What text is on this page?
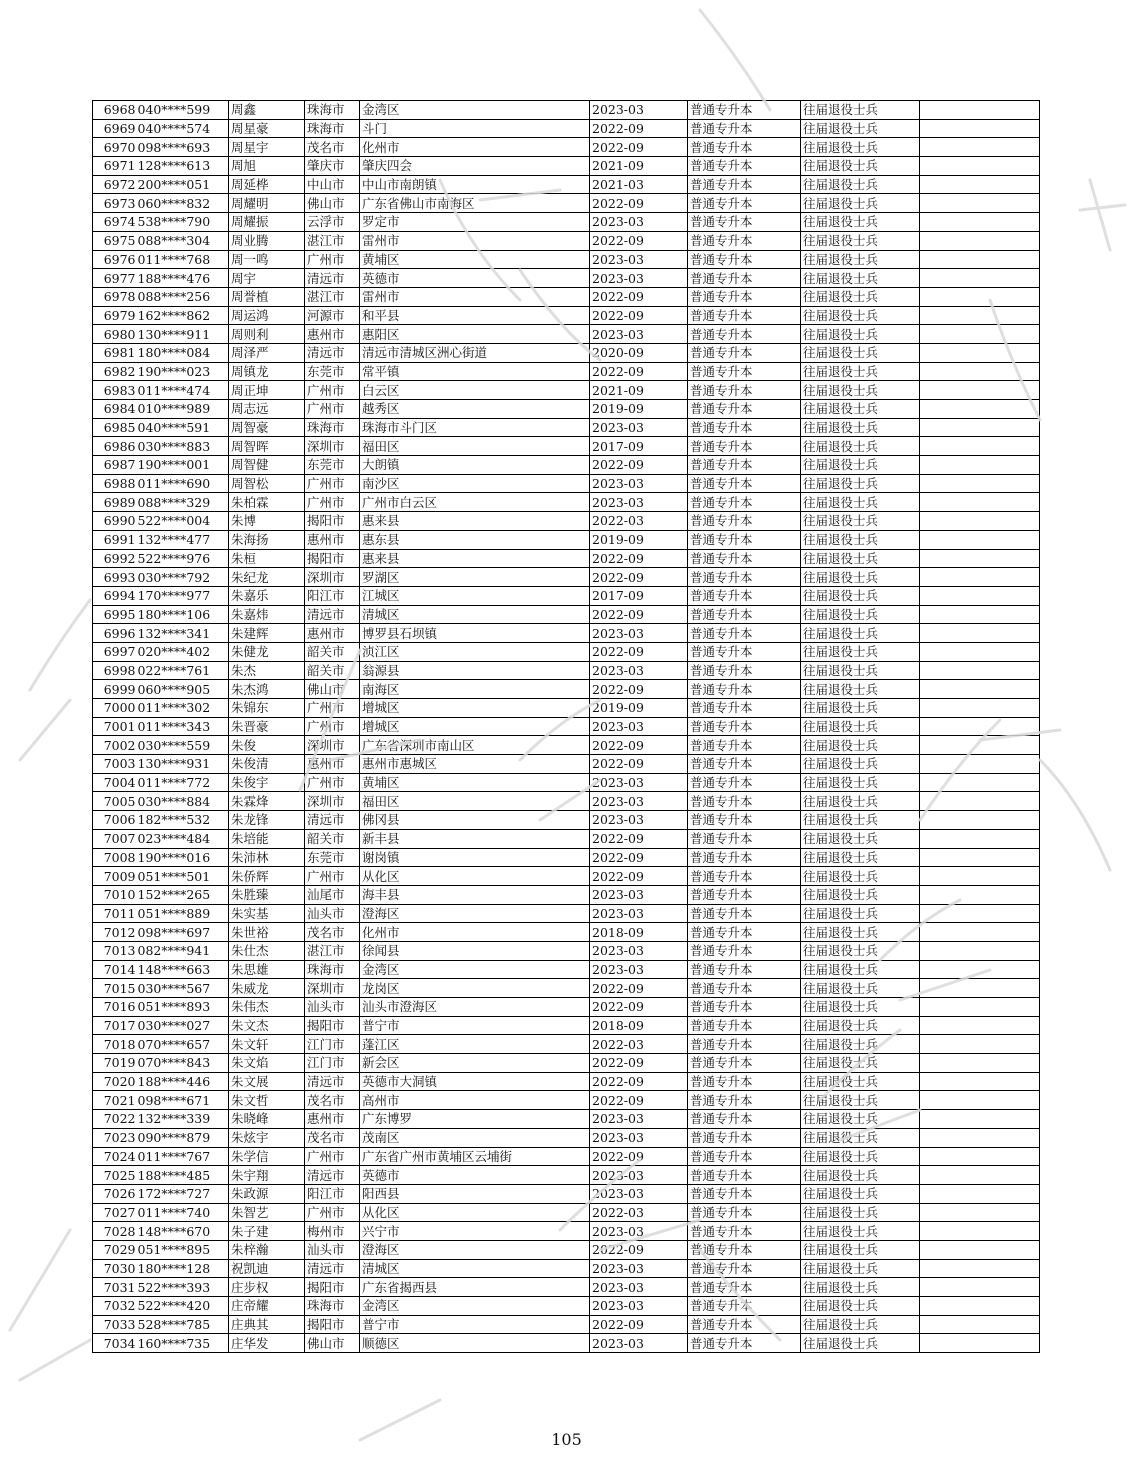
6968	040****599	周鑫	珠海市	金湾区	2023-03	普通专升本	往届退役士兵	
6969	040****574	周星豪	珠海市	斗门	2022-09	普通专升本	往届退役士兵	
6970	098****693	周星宇	茂名市	化州市	2022-09	普通专升本	往届退役士兵	
6971	128****613	周旭	肇庆市	肇庆四会	2021-09	普通专升本	往届退役士兵	
6972	200****051	周延桦	中山市	中山市南朗镇	2021-03	普通专升本	往届退役士兵	
6973	060****832	周耀明	佛山市	广东省佛山市南海区	2022-09	普通专升本	往届退役士兵	
6974	538****790	周耀振	云浮市	罗定市	2023-03	普通专升本	往届退役士兵	
6975	088****304	周业腾	湛江市	雷州市	2022-09	普通专升本	往届退役士兵	
6976	011****768	周一鸣	广州市	黄埔区	2023-03	普通专升本	往届退役士兵	
6977	188****476	周宇	清远市	英德市	2023-03	普通专升本	往届退役士兵	
6978	088****256	周誉植	湛江市	雷州市	2022-09	普通专升本	往届退役士兵	
6979	162****862	周运鸿	河源市	和平县	2022-09	普通专升本	往届退役士兵	
6980	130****911	周则利	惠州市	惠阳区	2023-03	普通专升本	往届退役士兵	
6981	180****084	周泽严	清远市	清远市清城区洲心街道	2020-09	普通专升本	往届退役士兵	
6982	190****023	周镇龙	东莞市	常平镇	2022-09	普通专升本	往届退役士兵	
6983	011****474	周正坤	广州市	白云区	2021-09	普通专升本	往届退役士兵	
6984	010****989	周志远	广州市	越秀区	2019-09	普通专升本	往届退役士兵	
6985	040****591	周智豪	珠海市	珠海市斗门区	2023-03	普通专升本	往届退役士兵	
6986	030****883	周智晖	深圳市	福田区	2017-09	普通专升本	往届退役士兵	
6987	190****001	周智健	东莞市	大朗镇	2022-09	普通专升本	往届退役士兵	
6988	011****690	周智松	广州市	南沙区	2023-03	普通专升本	往届退役士兵	
6989	088****329	朱柏霖	广州市	广州市白云区	2023-03	普通专升本	往届退役士兵	
6990	522****004	朱博	揭阳市	惠来县	2022-03	普通专升本	往届退役士兵	
6991	132****477	朱海扬	惠州市	惠东县	2019-09	普通专升本	往届退役士兵	
6992	522****976	朱桓	揭阳市	惠来县	2022-09	普通专升本	往届退役士兵	
6993	030****792	朱纪龙	深圳市	罗湖区	2022-09	普通专升本	往届退役士兵	
6994	170****977	朱嘉乐	阳江市	江城区	2017-09	普通专升本	往届退役士兵	
6995	180****106	朱嘉炜	清远市	清城区	2022-09	普通专升本	往届退役士兵	
6996	132****341	朱建辉	惠州市	博罗县石坝镇	2023-03	普通专升本	往届退役士兵	
6997	020****402	朱健龙	韶关市	浈江区	2022-09	普通专升本	往届退役士兵	
6998	022****761	朱杰	韶关市	翁源县	2023-03	普通专升本	往届退役士兵	
6999	060****905	朱杰鸿	佛山市	南海区	2022-09	普通专升本	往届退役士兵	
7000	011****302	朱锦东	广州市	增城区	2019-09	普通专升本	往届退役士兵	
7001	011****343	朱晋豪	广州市	增城区	2023-03	普通专升本	往届退役士兵	
7002	030****559	朱俊	深圳市	广东省深圳市南山区	2022-09	普通专升本	往届退役士兵	
7003	130****931	朱俊清	惠州市	惠州市惠城区	2022-09	普通专升本	往届退役士兵	
7004	011****772	朱俊宇	广州市	黄埔区	2023-03	普通专升本	往届退役士兵	
7005	030****884	朱霖烽	深圳市	福田区	2023-03	普通专升本	往届退役士兵	
7006	182****532	朱龙锋	清远市	佛冈县	2023-03	普通专升本	往届退役士兵	
7007	023****484	朱培能	韶关市	新丰县	2022-09	普通专升本	往届退役士兵	
7008	190****016	朱沛林	东莞市	谢岗镇	2022-09	普通专升本	往届退役士兵	
7009	051****501	朱侨辉	广州市	从化区	2022-09	普通专升本	往届退役士兵	
7010	152****265	朱胜臻	汕尾市	海丰县	2023-03	普通专升本	往届退役士兵	
7011	051****889	朱实基	汕头市	澄海区	2023-03	普通专升本	往届退役士兵	
7012	098****697	朱世裕	茂名市	化州市	2018-09	普通专升本	往届退役士兵	
7013	082****941	朱仕杰	湛江市	徐闻县	2023-03	普通专升本	往届退役士兵	
7014	148****663	朱思雄	珠海市	金湾区	2023-03	普通专升本	往届退役士兵	
7015	030****567	朱威龙	深圳市	龙岗区	2022-09	普通专升本	往届退役士兵	
7016	051****893	朱伟杰	汕头市	汕头市澄海区	2022-09	普通专升本	往届退役士兵	
7017	030****027	朱文杰	揭阳市	普宁市	2018-09	普通专升本	往届退役士兵	
7018	070****657	朱文轩	江门市	蓬江区	2022-03	普通专升本	往届退役士兵	
7019	070****843	朱文焰	江门市	新会区	2022-09	普通专升本	往届退役士兵	
7020	188****446	朱文展	清远市	英德市大洞镇	2022-09	普通专升本	往届退役士兵	
7021	098****671	朱文哲	茂名市	高州市	2022-09	普通专升本	往届退役士兵	
7022	132****339	朱晓峰	惠州市	广东博罗	2023-03	普通专升本	往届退役士兵	
7023	090****879	朱炫宇	茂名市	茂南区	2023-03	普通专升本	往届退役士兵	
7024	011****767	朱学信	广州市	广东省广州市黄埔区云埔街	2022-09	普通专升本	往届退役士兵	
7025	188****485	朱宇翔	清远市	英德市	2023-03	普通专升本	往届退役士兵	
7026	172****727	朱政源	阳江市	阳西县	2023-03	普通专升本	往届退役士兵	
7027	011****740	朱智艺	广州市	从化区	2022-03	普通专升本	往届退役士兵	
7028	148****670	朱子建	梅州市	兴宁市	2023-03	普通专升本	往届退役士兵	
7029	051****895	朱梓瀚	汕头市	澄海区	2022-09	普通专升本	往届退役士兵	
7030	180****128	祝凯迪	清远市	清城区	2023-03	普通专升本	往届退役士兵	
7031	522****393	庄步权	揭阳市	广东省揭西县	2023-03	普通专升本	往届退役士兵	
7032	522****420	庄帝耀	珠海市	金湾区	2023-03	普通专升本	往届退役士兵	
7033	528****785	庄典其	揭阳市	普宁市	2022-09	普通专升本	往届退役士兵	
7034	160****735	庄华发	佛山市	顺德区	2023-03	普通专升本	往届退役士兵	
105
